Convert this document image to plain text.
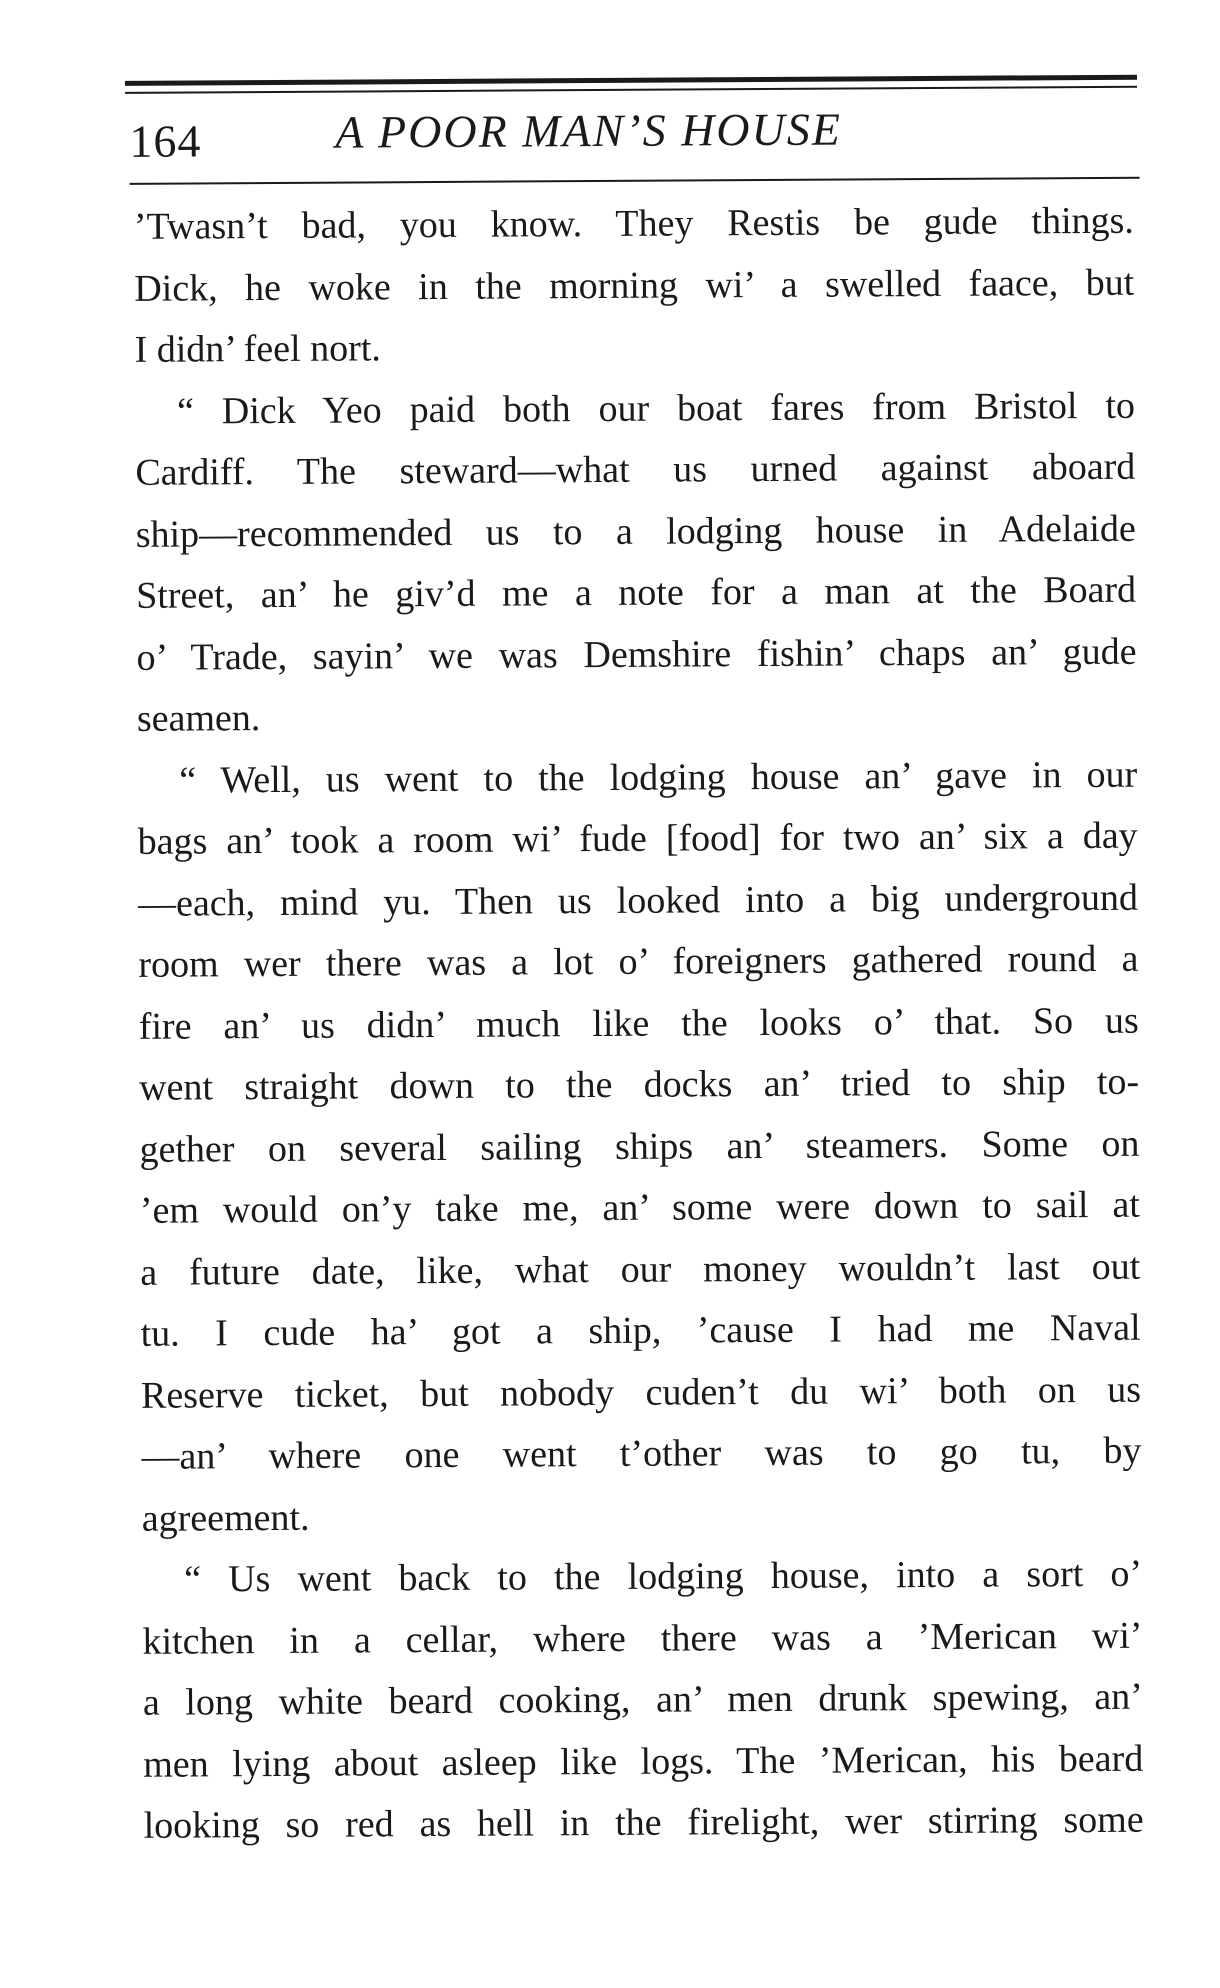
164	A POOR MAN’S HOUSE
’Twasn’t bad, you know. They Restis be gude things.
Dick, he woke in the morning wi’ a swelled faace, but
I didn’ feel nort.
“ Dick Yeo paid both our boat fares from Bristol to
Cardiff. The steward—what us urned against aboard
ship—recommended us to a lodging house in Adelaide
Street, an’ he giv’d me a note for a man at the Board
o’ Trade, sayin’ we was Demshire fishin’ chaps an’ gude
seamen.
“ Well, us went to the lodging house an’ gave in our
bags an’ took a room wi’ fude [food] for two an’ six a day
—each, mind yu. Then us looked into a big underground
room wer there was a lot o’ foreigners gathered round a
fire an’ us didn’ much like the looks o’ that. So us
went straight down to the docks an’ tried to ship to-
gether on several sailing ships an’ steamers. Some on
’em would on’y take me, an’ some were down to sail at
a future date, like, what our money wouldn’t last out
tu. I cude ha’ got a ship, ’cause I had me Naval
Reserve ticket, but nobody cuden’t du wi’ both on us
—an’ where one went t’other was to go tu, by
agreement.
“ Us went back to the lodging house, into a sort o’
kitchen in a cellar, where there was a ’Merican wi’
a long white beard cooking, an’ men drunk spewing, an’
men lying about asleep like logs. The ’Merican, his beard
looking so red as hell in the firelight, wer stirring some
